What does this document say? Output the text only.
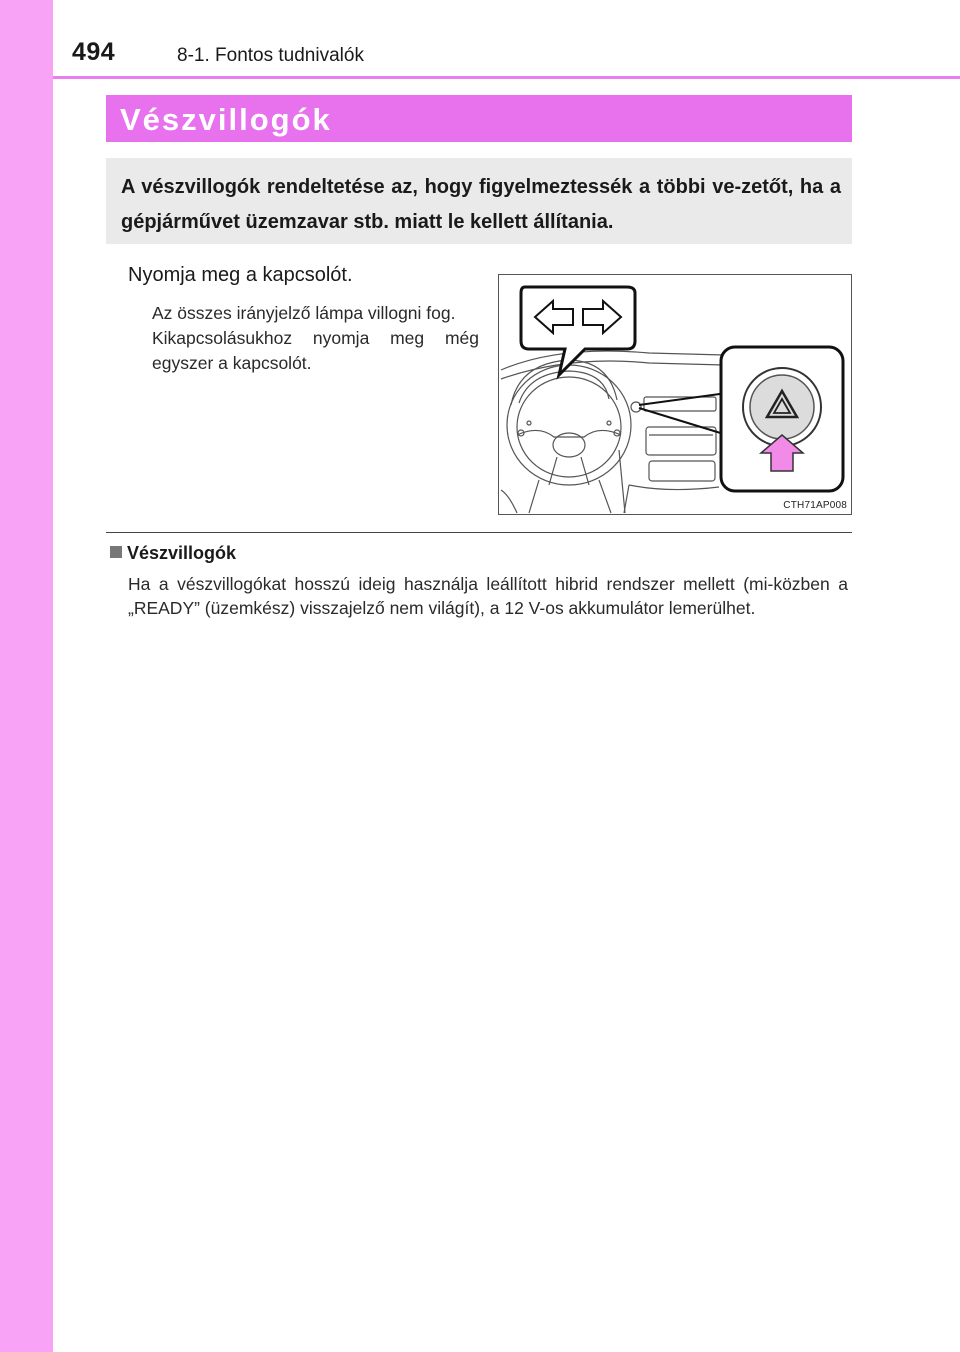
494	8-1. Fontos tudnivalók
Vészvillogók
A vészvillogók rendeltetése az, hogy figyelmeztessék a többi ve-zetőt, ha a gépjárművet üzemzavar stb. miatt le kellett állítania.
Nyomja meg a kapcsolót.

Az összes irányjelző lámpa villogni fog.

Kikapcsolásukhoz nyomja meg még egyszer a kapcsolót.

CTH71AP008
Vészvillogók

Ha a vészvillogókat hosszú ideig használja leállított hibrid rendszer mellett (mi-közben a „READY” (üzemkész) visszajelző nem világít), a 12 V-os akkumulátor lemerülhet.
